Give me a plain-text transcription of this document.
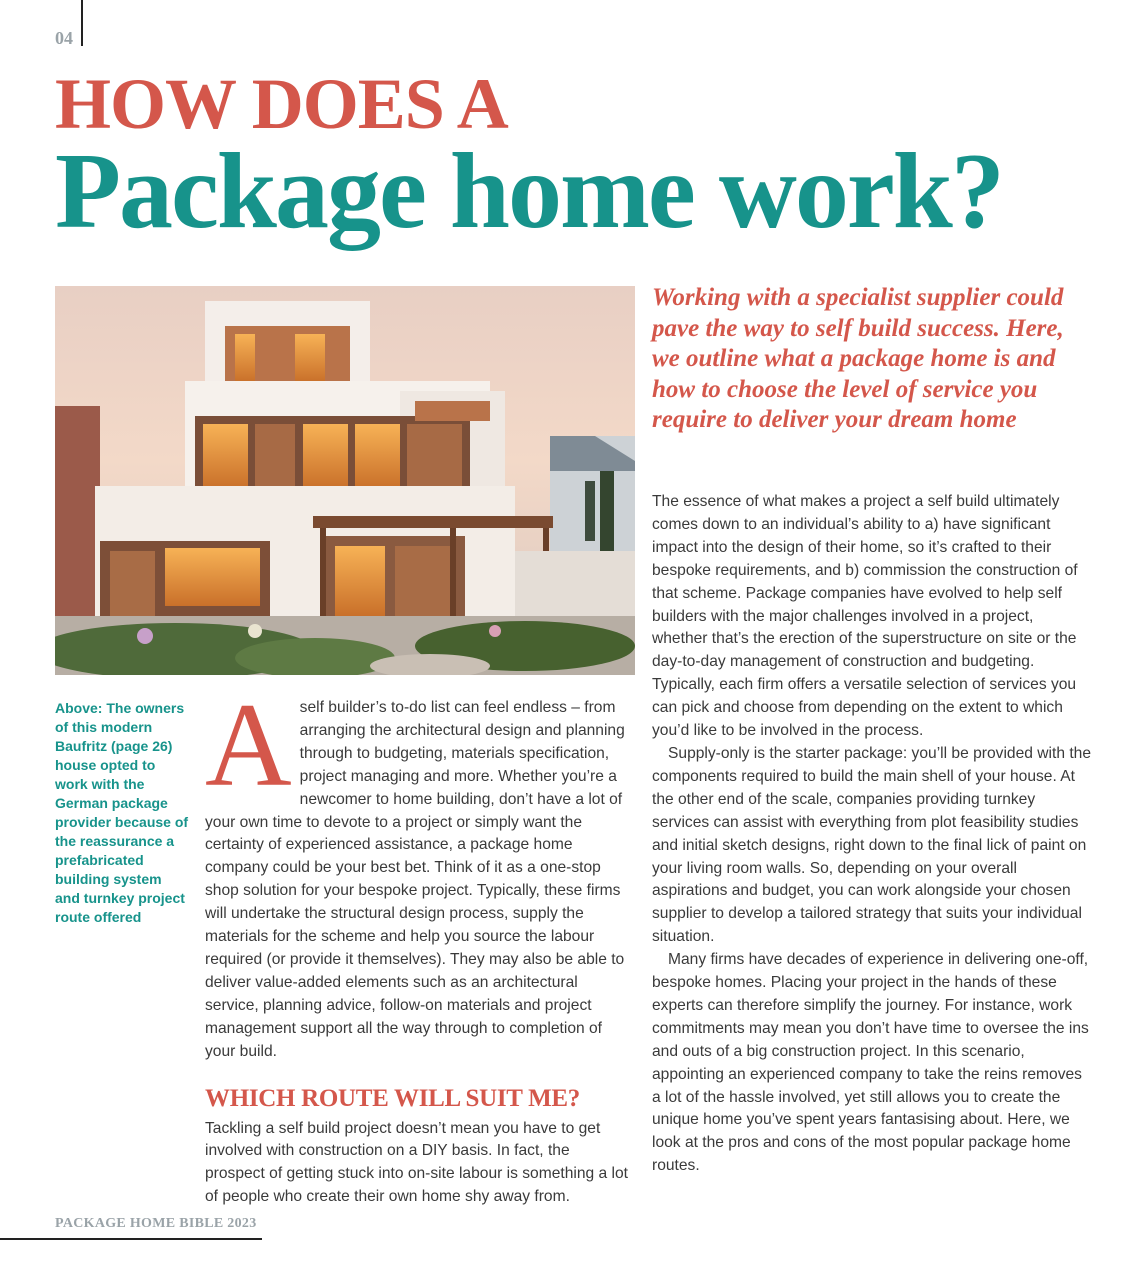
04
HOW DOES A
Package home work?

Working with a specialist supplier could pave the way to self build success. Here, we outline what a package home is and how to choose the level of service you require to deliver your dream home

Above: The owners of this modern Baufritz (page 26) house opted to work with the German package provider because of the reassurance a prefabricated building system and turnkey project route offered

A self builder’s to-do list can feel endless – from arranging the architectural design and planning through to budgeting, materials specification, project managing and more. Whether you’re a newcomer to home building, don’t have a lot of your own time to devote to a project or simply want the certainty of experienced assistance, a package home company could be your best bet. Think of it as a one-stop shop solution for your bespoke project. Typically, these firms will undertake the structural design process, supply the materials for the scheme and help you source the labour required (or provide it themselves). They may also be able to deliver value-added elements such as an architectural service, planning advice, follow-on materials and project management support all the way through to completion of your build.

WHICH ROUTE WILL SUIT ME?

Tackling a self build project doesn’t mean you have to get involved with construction on a DIY basis. In fact, the prospect of getting stuck into on-site labour is something a lot of people who create their own home shy away from.

The essence of what makes a project a self build ultimately comes down to an individual’s ability to a) have significant impact into the design of their home, so it’s crafted to their bespoke requirements, and b) commission the construction of that scheme. Package companies have evolved to help self builders with the major challenges involved in a project, whether that’s the erection of the superstructure on site or the day-to-day management of construction and budgeting. Typically, each firm offers a versatile selection of services you can pick and choose from depending on the extent to which you’d like to be involved in the process.

Supply-only is the starter package: you’ll be provided with the components required to build the main shell of your house. At the other end of the scale, companies providing turnkey services can assist with everything from plot feasibility studies and initial sketch designs, right down to the final lick of paint on your living room walls. So, depending on your overall aspirations and budget, you can work alongside your chosen supplier to develop a tailored strategy that suits your individual situation.

Many firms have decades of experience in delivering one-off, bespoke homes. Placing your project in the hands of these experts can therefore simplify the journey. For instance, work commitments may mean you don’t have time to oversee the ins and outs of a big construction project. In this scenario, appointing an experienced company to take the reins removes a lot of the hassle involved, yet still allows you to create the unique home you’ve spent years fantasising about. Here, we look at the pros and cons of the most popular package home routes.

PACKAGE HOME BIBLE 2023
